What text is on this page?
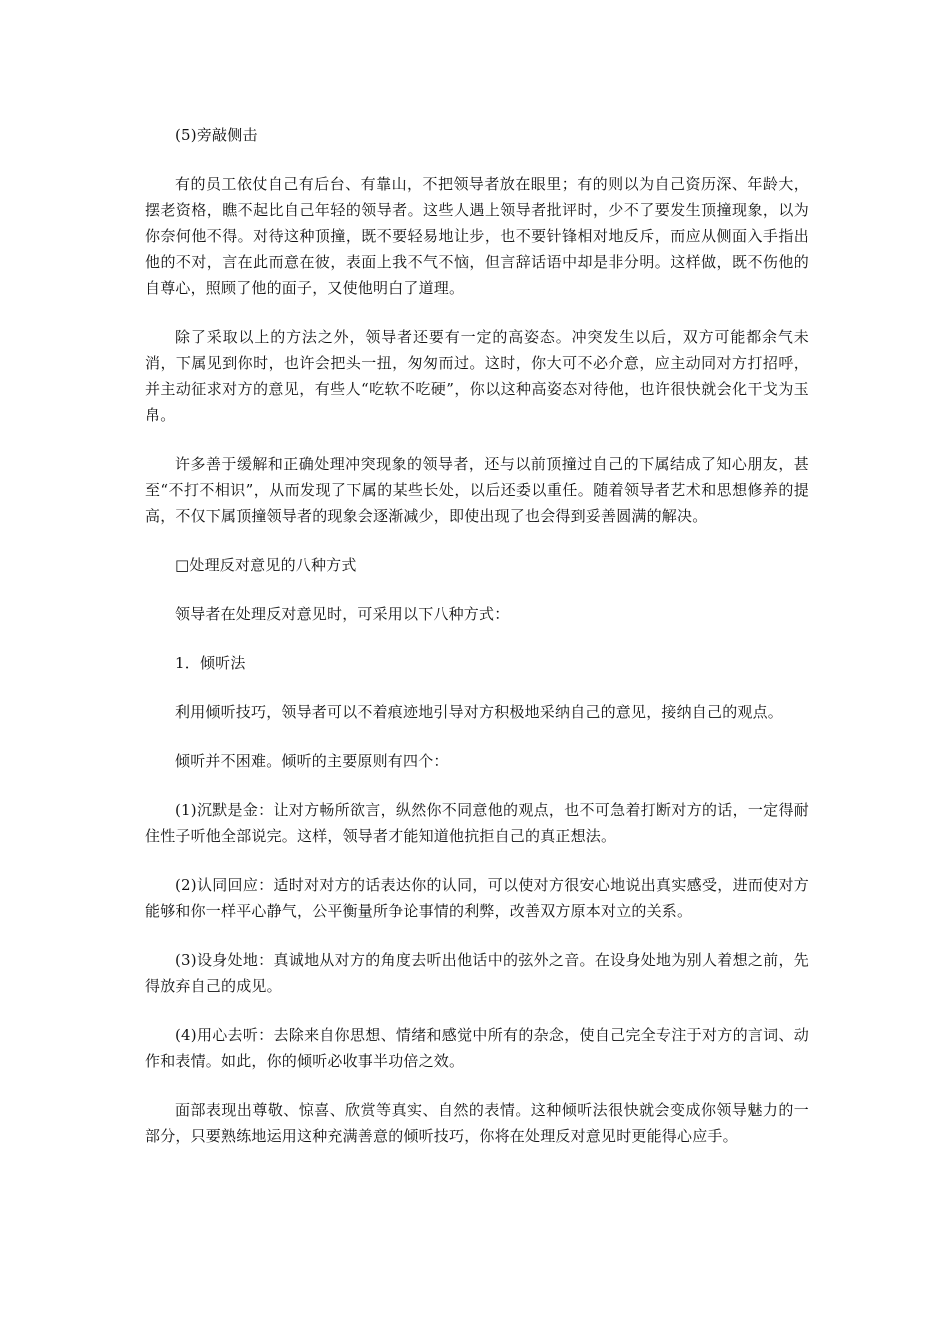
(5)旁敲侧击

有的员工依仗自己有后台、有靠山，不把领导者放在眼里；有的则以为自己资历深、年龄大，摆老资格，瞧不起比自己年轻的领导者。这些人遇上领导者批评时，少不了要发生顶撞现象，以为你奈何他不得。对待这种顶撞，既不要轻易地让步，也不要针锋相对地反斥，而应从侧面入手指出他的不对，言在此而意在彼，表面上我不气不恼，但言辞话语中却是非分明。这样做，既不伤他的自尊心，照顾了他的面子，又使他明白了道理。

除了采取以上的方法之外，领导者还要有一定的高姿态。冲突发生以后，双方可能都余气未消，下属见到你时，也许会把头一扭，匆匆而过。这时，你大可不必介意，应主动同对方打招呼，并主动征求对方的意见，有些人“吃软不吃硬”，你以这种高姿态对待他，也许很快就会化干戈为玉帛。

许多善于缓解和正确处理冲突现象的领导者，还与以前顶撞过自己的下属结成了知心朋友，甚至“不打不相识”，从而发现了下属的某些长处，以后还委以重任。随着领导者艺术和思想修养的提高，不仅下属顶撞领导者的现象会逐渐减少，即使出现了也会得到妥善圆满的解决。

□处理反对意见的八种方式

领导者在处理反对意见时，可采用以下八种方式：

1．倾听法

利用倾听技巧，领导者可以不着痕迹地引导对方积极地采纳自己的意见，接纳自己的观点。

倾听并不困难。倾听的主要原则有四个：

(1)沉默是金：让对方畅所欲言，纵然你不同意他的观点，也不可急着打断对方的话，一定得耐住性子听他全部说完。这样，领导者才能知道他抗拒自己的真正想法。

(2)认同回应：适时对对方的话表达你的认同，可以使对方很安心地说出真实感受，进而使对方能够和你一样平心静气，公平衡量所争论事情的利弊，改善双方原本对立的关系。

(3)设身处地：真诚地从对方的角度去听出他话中的弦外之音。在设身处地为别人着想之前，先得放弃自己的成见。

(4)用心去听：去除来自你思想、情绪和感觉中所有的杂念，使自己完全专注于对方的言词、动作和表情。如此，你的倾听必收事半功倍之效。

面部表现出尊敬、惊喜、欣赏等真实、自然的表情。这种倾听法很快就会变成你领导魅力的一部分，只要熟练地运用这种充满善意的倾听技巧，你将在处理反对意见时更能得心应手。
